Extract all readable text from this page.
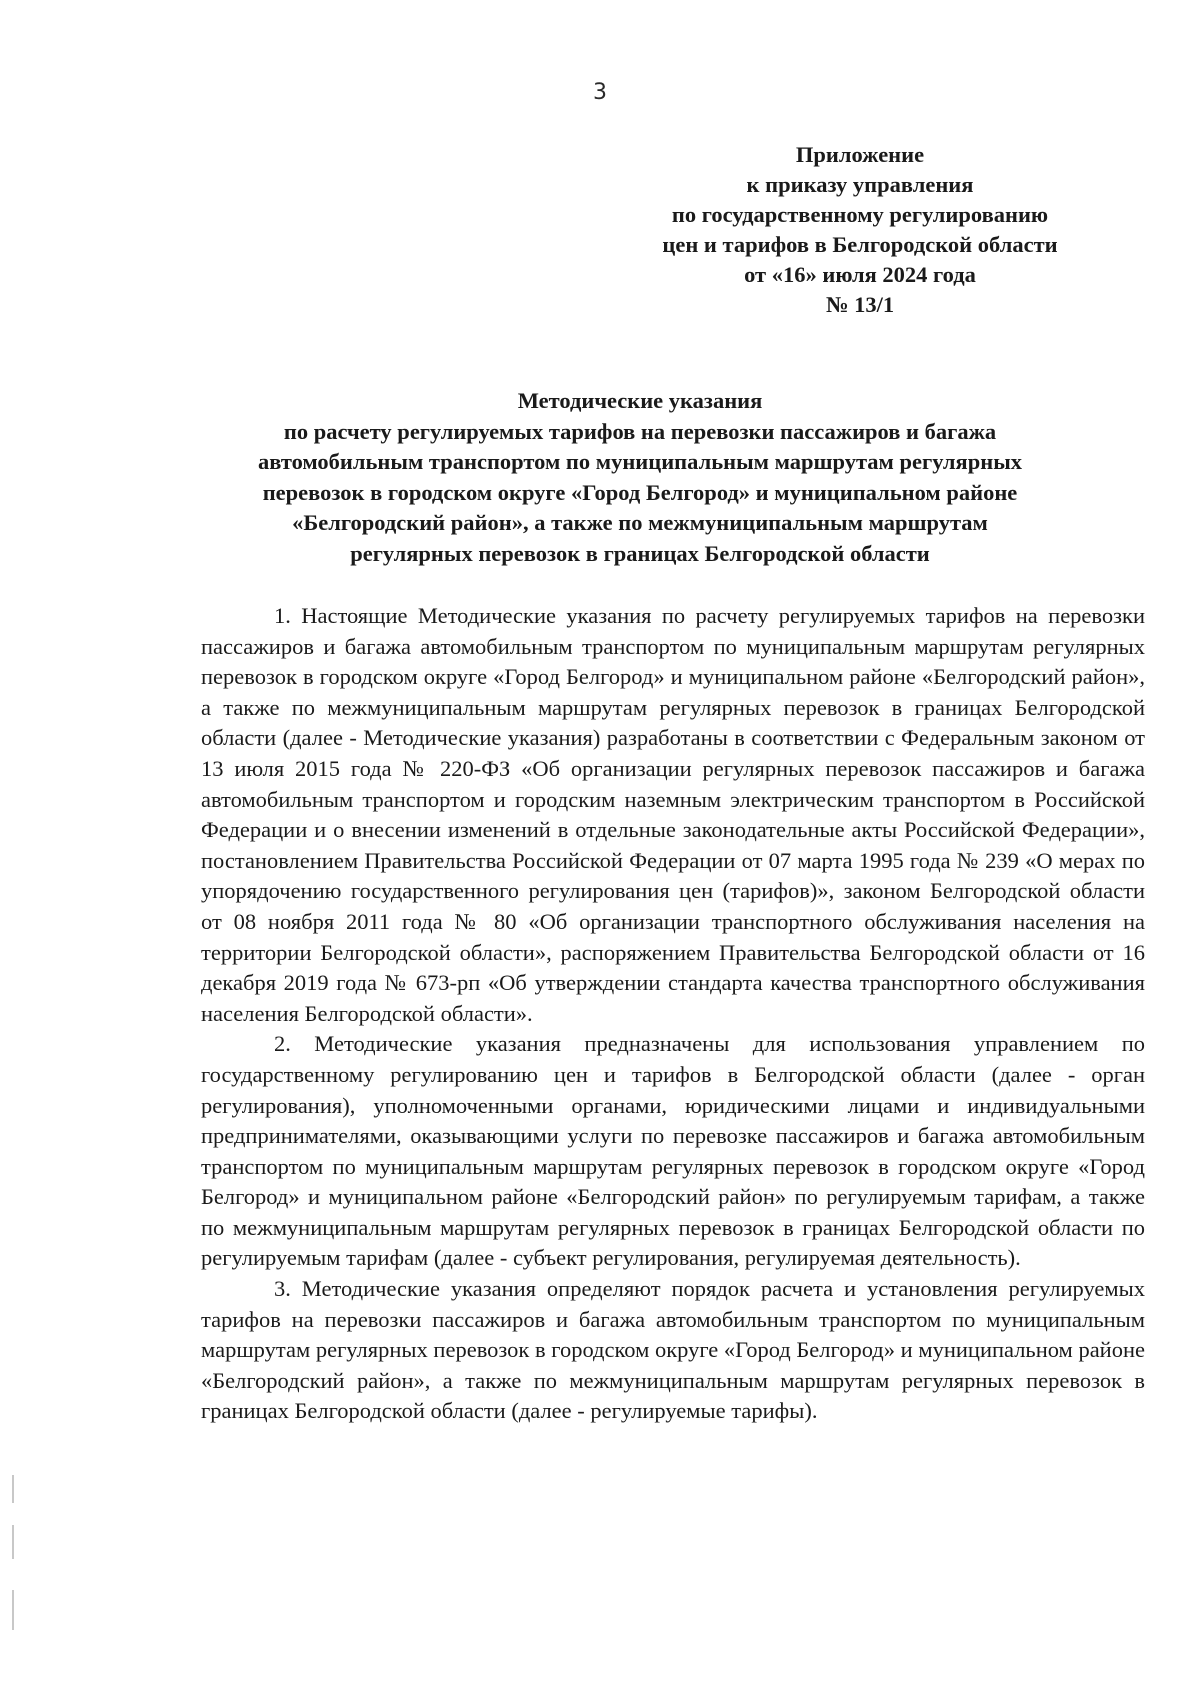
3
Приложение
к приказу управления
по государственному регулированию
цен и тарифов в Белгородской области
от «16» июля 2024 года
№ 13/1
Методические указания
по расчету регулируемых тарифов на перевозки пассажиров и багажа
автомобильным транспортом по муниципальным маршрутам регулярных
перевозок в городском округе «Город Белгород» и муниципальном районе
«Белгородский район», а также по межмуниципальным маршрутам
регулярных перевозок в границах Белгородской области

1. Настоящие Методические указания по расчету регулируемых тарифов на перевозки пассажиров и багажа автомобильным транспортом по муниципальным маршрутам регулярных перевозок в городском округе «Город Белгород» и муниципальном районе «Белгородский район», а также по межмуниципальным маршрутам регулярных перевозок в границах Белгородской области (далее - Методические указания) разработаны в соответствии с Федеральным законом от 13 июля 2015 года № 220-ФЗ «Об организации регулярных перевозок пассажиров и багажа автомобильным транспортом и городским наземным электрическим транспортом в Российской Федерации и о внесении изменений в отдельные законодательные акты Российской Федерации», постановлением Правительства Российской Федерации от 07 марта 1995 года № 239 «О мерах по упорядочению государственного регулирования цен (тарифов)», законом Белгородской области от 08 ноября 2011 года № 80 «Об организации транспортного обслуживания населения на территории Белгородской области», распоряжением Правительства Белгородской области от 16 декабря 2019 года № 673-рп «Об утверждении стандарта качества транспортного обслуживания населения Белгородской области».

2. Методические указания предназначены для использования управлением по государственному регулированию цен и тарифов в Белгородской области (далее - орган регулирования), уполномоченными органами, юридическими лицами и индивидуальными предпринимателями, оказывающими услуги по перевозке пассажиров и багажа автомобильным транспортом по муниципальным маршрутам регулярных перевозок в городском округе «Город Белгород» и муниципальном районе «Белгородский район» по регулируемым тарифам, а также по межмуниципальным маршрутам регулярных перевозок в границах Белгородской области по регулируемым тарифам (далее - субъект регулирования, регулируемая деятельность).

3. Методические указания определяют порядок расчета и установления регулируемых тарифов на перевозки пассажиров и багажа автомобильным транспортом по муниципальным маршрутам регулярных перевозок в городском округе «Город Белгород» и муниципальном районе «Белгородский район», а также по межмуниципальным маршрутам регулярных перевозок в границах Белгородской области (далее - регулируемые тарифы).
